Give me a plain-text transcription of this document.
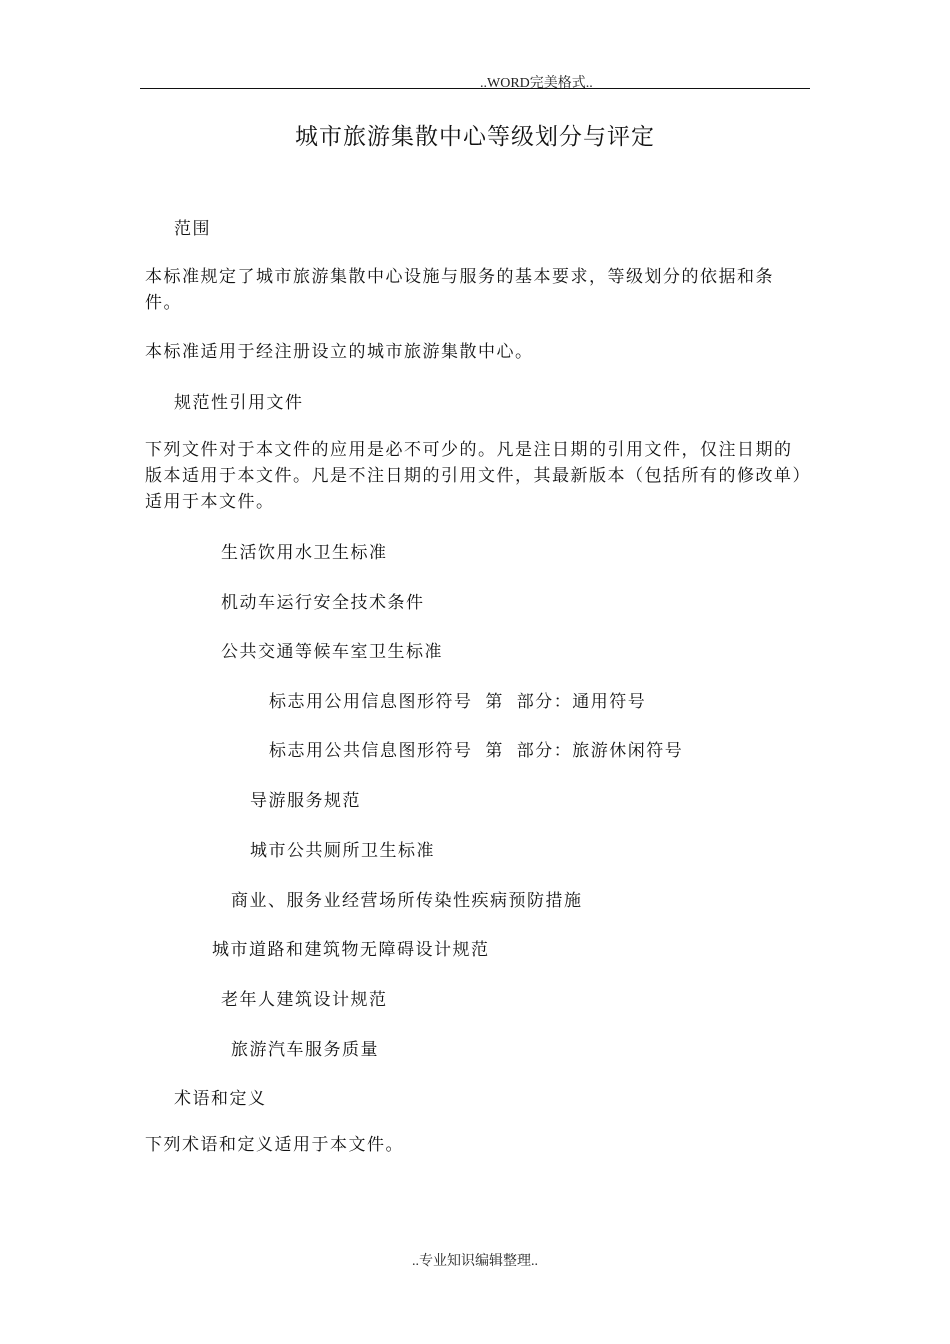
..WORD完美格式..
城市旅游集散中心等级划分与评定
范围
本标准规定了城市旅游集散中心设施与服务的基本要求，等级划分的依据和条件。
本标准适用于经注册设立的城市旅游集散中心。
规范性引用文件
下列文件对于本文件的应用是必不可少的。凡是注日期的引用文件，仅注日期的版本适用于本文件。凡是不注日期的引用文件，其最新版本（包括所有的修改单）适用于本文件。
生活饮用水卫生标准
机动车运行安全技术条件
公共交通等候车室卫生标准
标志用公用信息图形符号 第 部分：通用符号
标志用公共信息图形符号 第 部分：旅游休闲符号
导游服务规范
城市公共厕所卫生标准
商业、服务业经营场所传染性疾病预防措施
城市道路和建筑物无障碍设计规范
老年人建筑设计规范
旅游汽车服务质量
术语和定义
下列术语和定义适用于本文件。
..专业知识编辑整理..
